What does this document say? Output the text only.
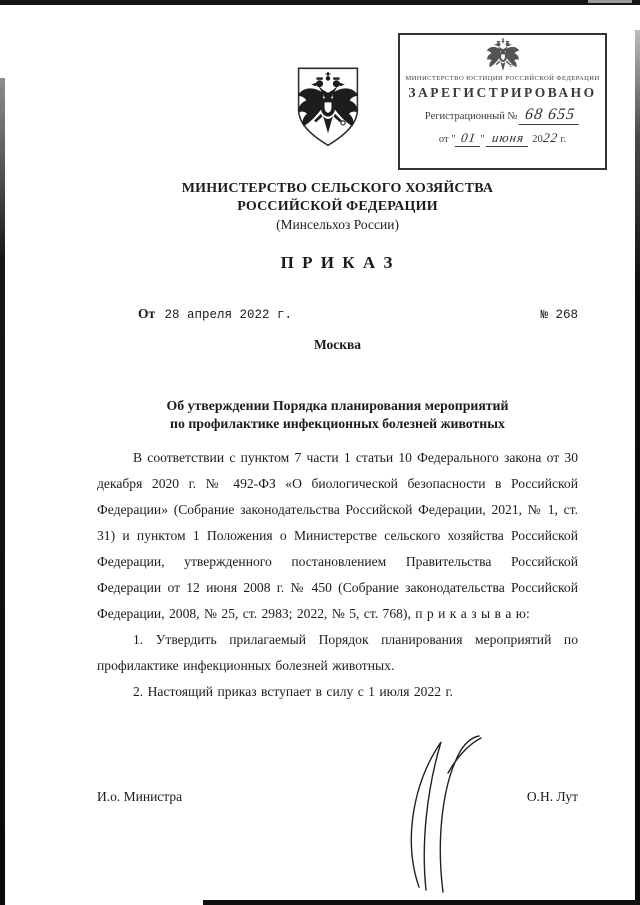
МИНИСТЕРСТВО ЮСТИЦИИ РОССИЙСКОЙ ФЕДЕРАЦИИ
ЗАРЕГИСТРИРОВАНО
Регистрационный № 68 655
от " 01 " июня 2022 г.
МИНИСТЕРСТВО СЕЛЬСКОГО ХОЗЯЙСТВА
РОССИЙСКОЙ ФЕДЕРАЦИИ
(Минсельхоз России)
П Р И К А З
От 28 апреля 2022 г.	№ 268
Москва
Об утверждении Порядка планирования мероприятий
по профилактике инфекционных болезней животных

В соответствии с пунктом 7 части 1 статьи 10 Федерального закона от 30 декабря 2020 г. № 492-ФЗ «О биологической безопасности в Российской Федерации» (Собрание законодательства Российской Федерации, 2021, № 1, ст. 31) и пунктом 1 Положения о Министерстве сельского хозяйства Российской Федерации, утвержденного постановлением Правительства Российской Федерации от 12 июня 2008 г. № 450 (Собрание законодательства Российской Федерации, 2008, № 25, ст. 2983; 2022, № 5, ст. 768), п р и к а з ы в а ю:

1. Утвердить прилагаемый Порядок планирования мероприятий по профилактике инфекционных болезней животных.

2. Настоящий приказ вступает в силу с 1 июля 2022 г.

И.о. Министра	О.Н. Лут
